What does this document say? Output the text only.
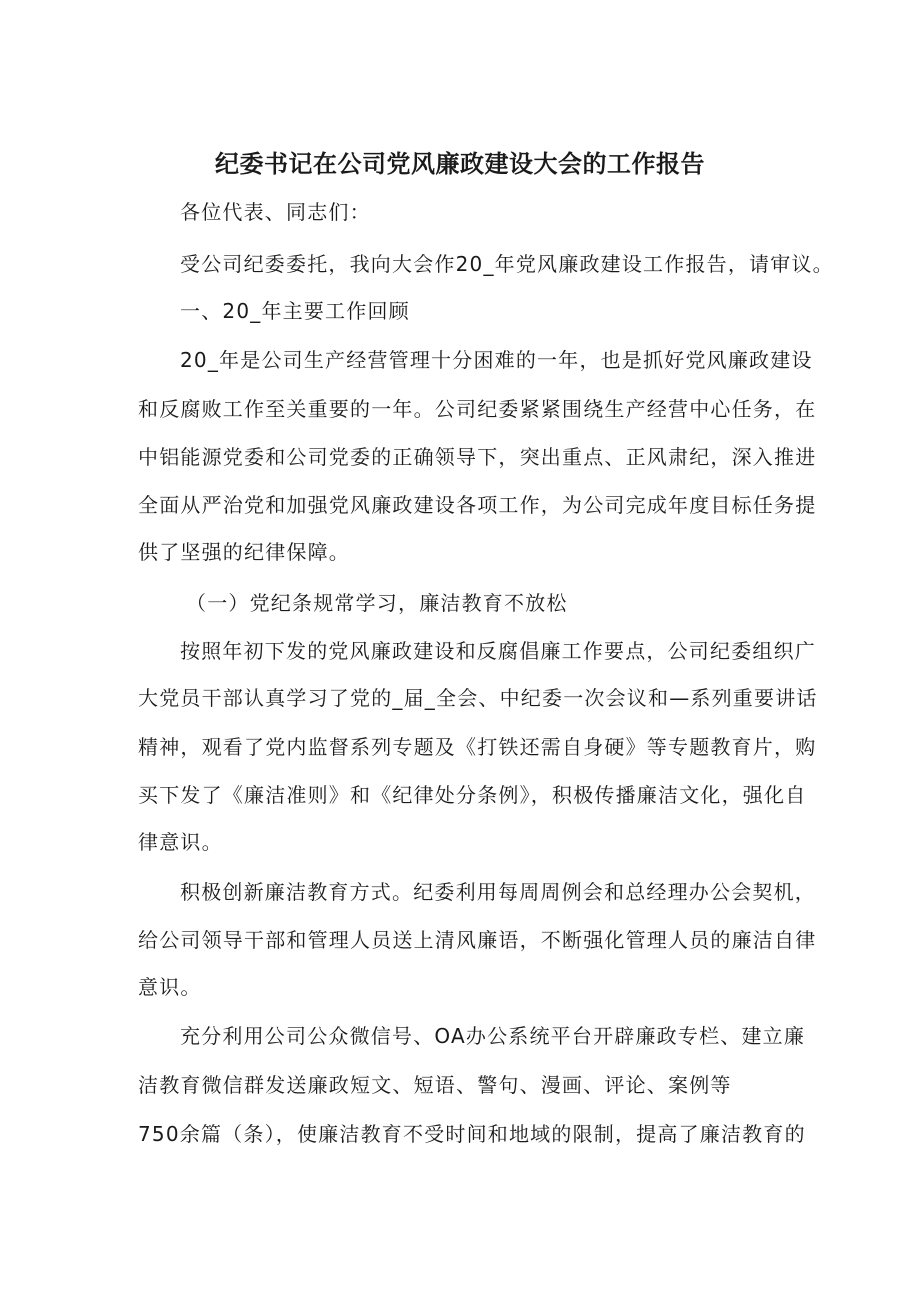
纪委书记在公司党风廉政建设大会的工作报告
各位代表、同志们：
受公司纪委委托，我向大会作20_年党风廉政建设工作报告，请审议。
一、20_年主要工作回顾
20_年是公司生产经营管理十分困难的一年，也是抓好党风廉政建设
和反腐败工作至关重要的一年。公司纪委紧紧围绕生产经营中心任务，在
中铝能源党委和公司党委的正确领导下，突出重点、正风肃纪，深入推进
全面从严治党和加强党风廉政建设各项工作，为公司完成年度目标任务提
供了坚强的纪律保障。
（一）党纪条规常学习，廉洁教育不放松
按照年初下发的党风廉政建设和反腐倡廉工作要点，公司纪委组织广
大党员干部认真学习了党的_届_全会、中纪委一次会议和—系列重要讲话
精神，观看了党内监督系列专题及《打铁还需自身硬》等专题教育片，购
买下发了《廉洁准则》和《纪律处分条例》，积极传播廉洁文化，强化自
律意识。
积极创新廉洁教育方式。纪委利用每周周例会和总经理办公会契机，
给公司领导干部和管理人员送上清风廉语，不断强化管理人员的廉洁自律
意识。
充分利用公司公众微信号、OA办公系统平台开辟廉政专栏、建立廉
洁教育微信群发送廉政短文、短语、警句、漫画、评论、案例等
750余篇（条），使廉洁教育不受时间和地域的限制，提高了廉洁教育的
